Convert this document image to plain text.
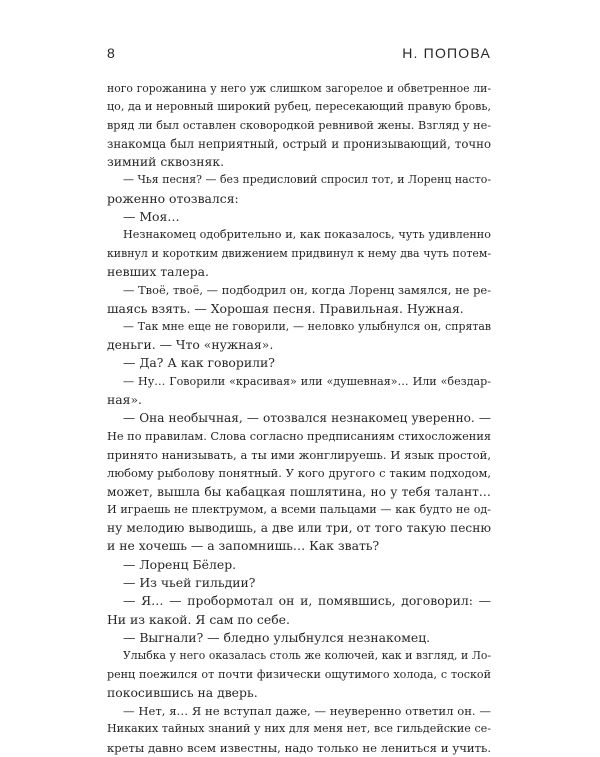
8	Н. ПОПОВА
ного горожанина у него уж слишком загорелое и обветренное ли-
цо, да и неровный широкий рубец, пересекающий правую бровь,
вряд ли был оставлен сковородкой ревнивой жены. Взгляд у не-
знакомца был неприятный, острый и пронизывающий, точно
зимний сквозняк.
— Чья песня? — без предисловий спросил тот, и Лоренц насто-
роженно отозвался:
— Моя…
Незнакомец одобрительно и, как показалось, чуть удивленно
кивнул и коротким движением придвинул к нему два чуть потем-
невших талера.
— Твоё, твоё, — подбодрил он, когда Лоренц замялся, не ре-
шаясь взять. — Хорошая песня. Правильная. Нужная.
— Так мне еще не говорили, — неловко улыбнулся он, спрятав
деньги. — Что «нужная».
— Да? А как говорили?
— Ну… Говорили «красивая» или «душевная»… Или «бездар-
ная».
— Она необычная, — отозвался незнакомец уверенно. —
Не по правилам. Слова согласно предписаниям стихосложения
принято нанизывать, а ты ими жонглируешь. И язык простой,
любому рыболову понятный. У кого другого с таким подходом,
может, вышла бы кабацкая пошлятина, но у тебя талант…
И играешь не плектрумом, а всеми пальцами — как будто не од-
ну мелодию выводишь, а две или три, от того такую песню
и не хочешь — а запомнишь… Как звать?
— Лоренц Бёлер.
— Из чьей гильдии?
— Я… — пробормотал он и, помявшись, договорил: —
Ни из какой. Я сам по себе.
— Выгнали? — бледно улыбнулся незнакомец.
Улыбка у него оказалась столь же колючей, как и взгляд, и Ло-
ренц поежился от почти физически ощутимого холода, с тоской
покосившись на дверь.
— Нет, я… Я не вступал даже, — неуверенно ответил он. —
Никаких тайных знаний у них для меня нет, все гильдейские се-
креты давно всем известны, надо только не лениться и учить.
